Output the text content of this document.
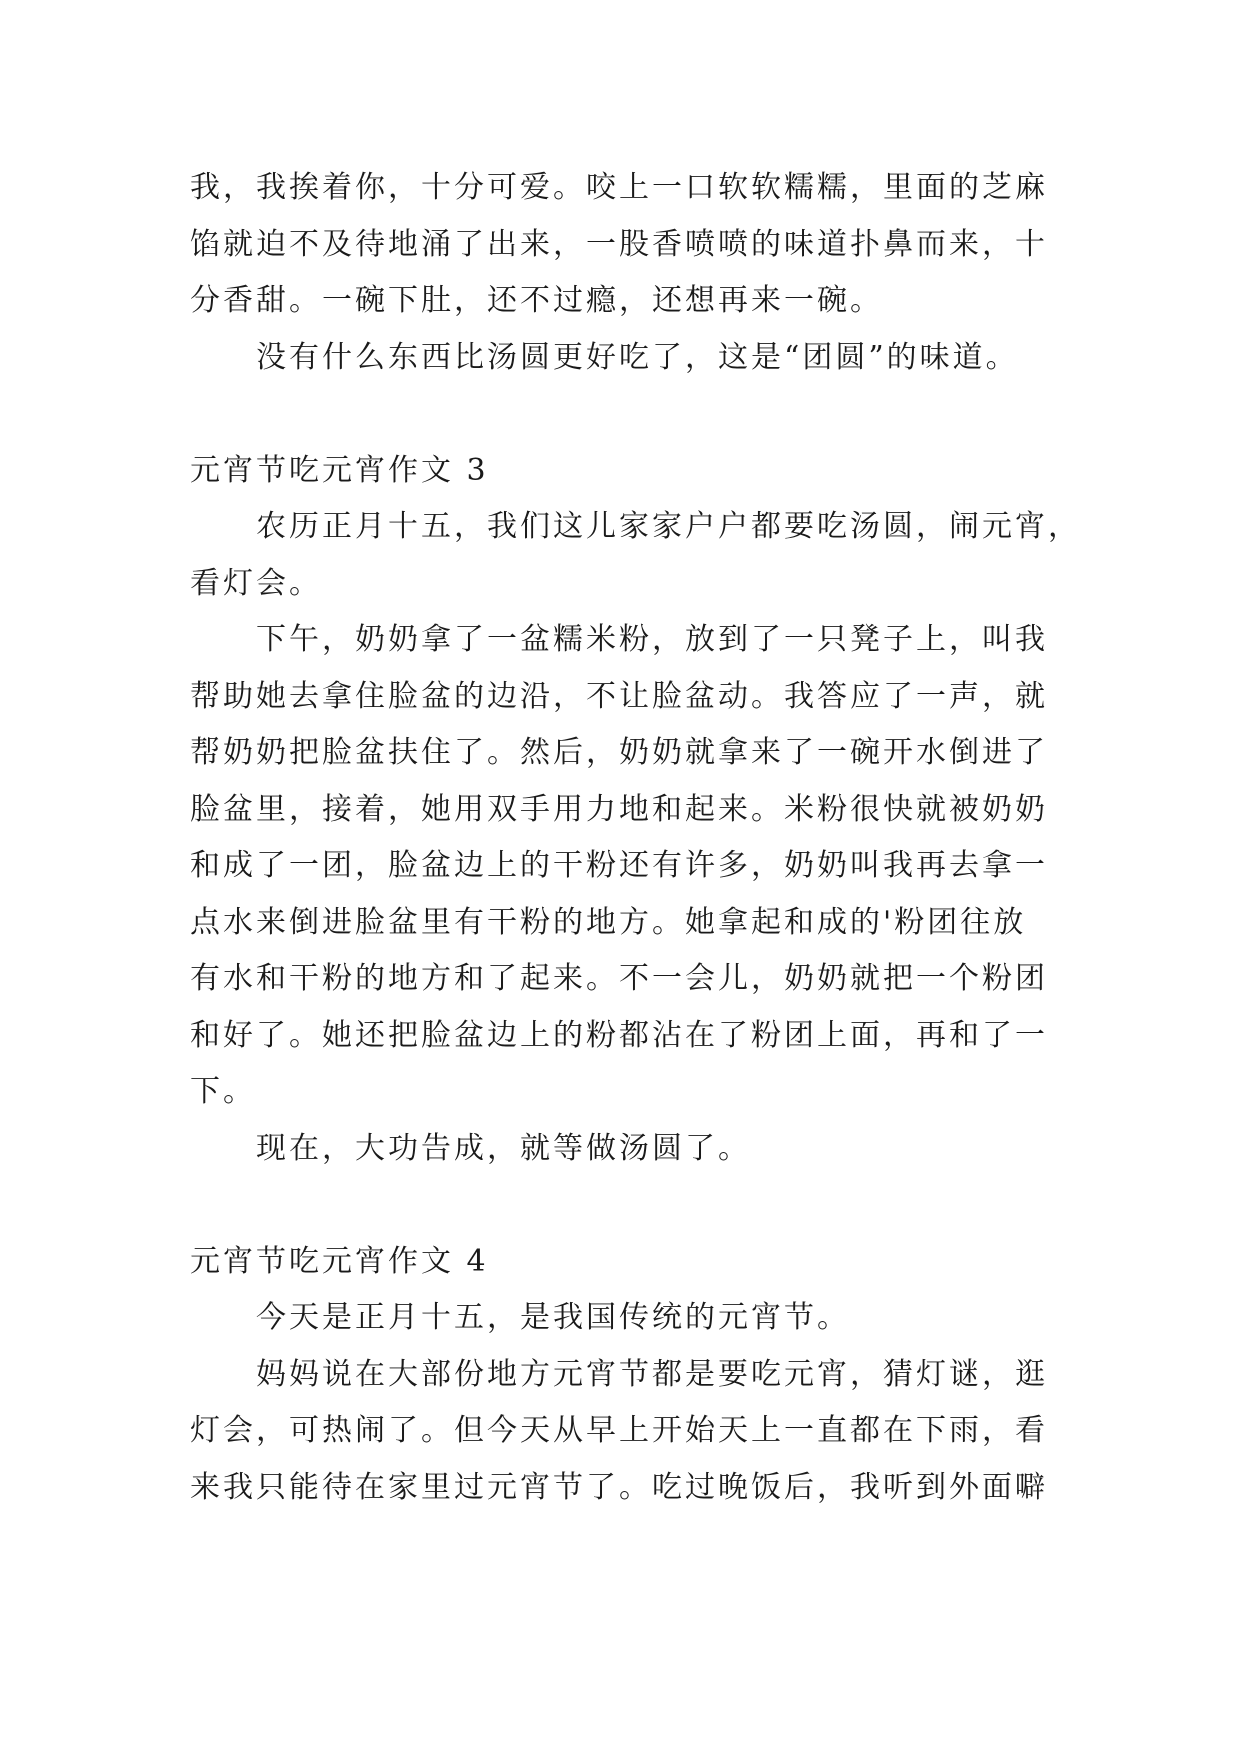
我，我挨着你，十分可爱。咬上一口软软糯糯，里面的芝麻
馅就迫不及待地涌了出来，一股香喷喷的味道扑鼻而来，十
分香甜。一碗下肚，还不过瘾，还想再来一碗。
没有什么东西比汤圆更好吃了，这是“团圆”的味道。
元宵节吃元宵作文 3
农历正月十五，我们这儿家家户户都要吃汤圆，闹元宵，
看灯会。
下午，奶奶拿了一盆糯米粉，放到了一只凳子上，叫我
帮助她去拿住脸盆的边沿，不让脸盆动。我答应了一声，就
帮奶奶把脸盆扶住了。然后，奶奶就拿来了一碗开水倒进了
脸盆里，接着，她用双手用力地和起来。米粉很快就被奶奶
和成了一团，脸盆边上的干粉还有许多，奶奶叫我再去拿一
点水来倒进脸盆里有干粉的地方。她拿起和成的'粉团往放
有水和干粉的地方和了起来。不一会儿，奶奶就把一个粉团
和好了。她还把脸盆边上的粉都沾在了粉团上面，再和了一
下。
现在，大功告成，就等做汤圆了。
元宵节吃元宵作文 4
今天是正月十五，是我国传统的元宵节。
妈妈说在大部份地方元宵节都是要吃元宵，猜灯谜，逛
灯会，可热闹了。但今天从早上开始天上一直都在下雨，看
来我只能待在家里过元宵节了。吃过晚饭后，我听到外面噼
